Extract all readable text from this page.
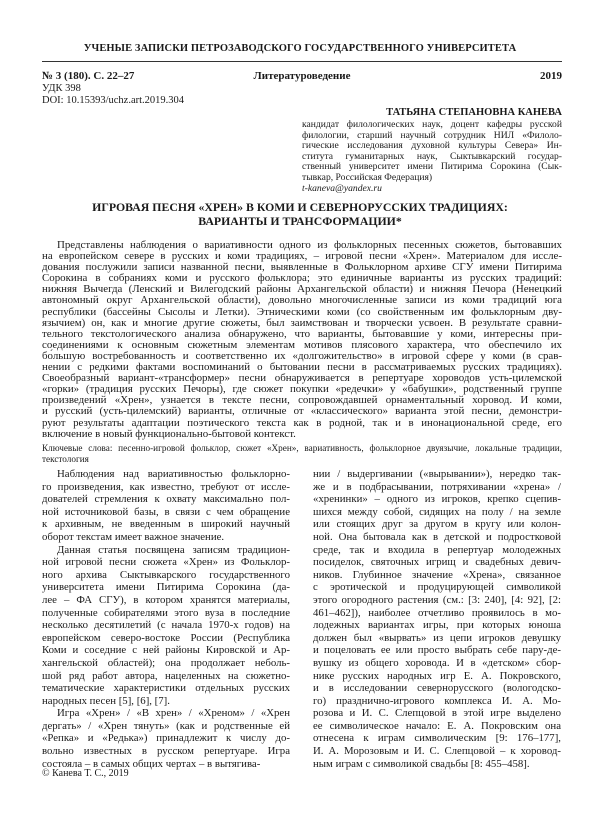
УЧЕНЫЕ ЗАПИСКИ ПЕТРОЗАВОДСКОГО ГОСУДАРСТВЕННОГО УНИВЕРСИТЕТА
№ 3 (180). С. 22–27	Литературоведение	2019
УДК 398
DOI: 10.15393/uchz.art.2019.304
ТАТЬЯНА СТЕПАНОВНА КАНЕВА
кандидат филологических наук, доцент кафедры русской
филологии, старший научный сотрудник НИЛ «Филоло-
гические исследования духовной культуры Севера» Ин-
ститута гуманитарных наук, Сыктывкарский государ-
ственный университет имени Питирима Сорокина (Сык-
тывкар, Российская Федерация)
t-kaneva@yandex.ru
ИГРОВАЯ ПЕСНЯ «ХРЕН» В КОМИ И СЕВЕРНОРУССКИХ ТРАДИЦИЯХ:
ВАРИАНТЫ И ТРАНСФОРМАЦИИ*
Представлены наблюдения о вариативности одного из фольклорных песенных сюжетов, бытовавших
на европейском севере в русских и коми традициях, – игровой песни «Хрен». Материалом для иссле-
дования послужили записи названной песни, выявленные в Фольклорном архиве СГУ имени Питирима
Сорокина в собраниях коми и русского фольклора; это единичные варианты из русских традиций:
нижняя Вычегда (Ленский и Вилегодский районы Архангельской области) и нижняя Печора (Ненецкий
автономный округ Архангельской области), довольно многочисленные записи из коми традиций юга
республики (бассейны Сысолы и Летки). Этническими коми (со свойственным им фольклорным дву-
язычием) он, как и многие другие сюжеты, был заимствован и творчески усвоен. В результате сравни-
тельного текстологического анализа обнаружено, что варианты, бытовавшие у коми, интересны при-
соединениями к основным сюжетным элементам мотивов плясового характера, что обеспечило их
бо́льшую востребованность и соответственно их «долгожительство» в игровой сфере у коми (в срав-
нении с редкими фактами воспоминаний о бытовании песни в рассматриваемых русских традициях).
Своеобразный вариант-«трансформер» песни обнаруживается в репертуаре хороводов усть-цилемской
«горки» (традиция русских Печоры), где сюжет покупки «редечки» у «бабушки», родственный группе
произведений «Хрен», узнается в тексте песни, сопровождавшей орнаментальный хоровод. И коми,
и русский (усть-цилемский) варианты, отличные от «классического» варианта этой песни, демонстри-
руют результаты адаптации поэтического текста как в родной, так и в инонациональной среде, его
включение в новый функционально-бытовой контекст.
Ключевые слова: песенно-игровой фольклор, сюжет «Хрен», вариативность, фольклорное двуязычие, локальные традиции,
текстология
Наблюдения над вариативностью фольклорно-
го произведения, как известно, требуют от иссле-
дователей стремления к охвату максимально пол-
ной источниковой базы, в связи с чем обращение
к архивным, не введенным в широкий научный
оборот текстам имеет важное значение.
Данная статья посвящена записям традицион-
ной игровой песни сюжета «Хрен» из Фольклор-
ного архива Сыктывкарского государственного
университета имени Питирима Сорокина (да-
лее – ФА СГУ), в котором хранятся материалы,
полученные собирателями этого вуза в последние
несколько десятилетий (с начала 1970-х годов) на
европейском северо-востоке России (Республика
Коми и соседние с ней районы Кировской и Ар-
хангельской областей); она продолжает неболь-
шой ряд работ автора, нацеленных на сюжетно-
тематические характеристики отдельных русских
народных песен [5], [6], [7].
Игра «Хрен» / «В хрен» / «Хреном» / «Хрен
дергать» / «Хрен тянуть» (как и родственные ей
«Репка» и «Редька») принадлежит к числу до-
вольно известных в русском репертуаре. Игра
состояла – в самых общих чертах – в вытягива-
нии / выдергивании («вырывании»), нередко так-
же и в подбрасывании, потряхивании «хрена» /
«хренинки» – одного из игроков, крепко сцепив-
шихся между собой, сидящих на полу / на земле
или стоящих друг за другом в кругу или колон-
ной. Она бытовала как в детской и подростковой
среде, так и входила в репертуар молодежных
посиделок, святочных игрищ и свадебных девич-
ников. Глубинное значение «Хрена», связанное
с эротической и продуцирующей символикой
этого огородного растения (см.: [3: 240], [4: 92], [2:
461–462]), наиболее отчетливо проявилось в мо-
лодежных вариантах игры, при которых юноша
должен был «вырвать» из цепи игроков девушку
и поцеловать ее или просто выбрать себе пару-де-
вушку из общего хоровода. И в «детском» сбор-
нике русских народных игр Е. А. Покровского,
и в исследовании севернорусского (вологодско-
го) празднично-игрового комплекса И. А. Мо-
розова и И. С. Слепцовой в этой игре выделено
ее символическое начало: Е. А. Покровским она
отнесена к играм символическим [9: 176–177],
И. А. Морозовым и И. С. Слепцовой – к хоровод-
ным играм с символикой свадьбы [8: 455–458].
© Канева Т. С., 2019
